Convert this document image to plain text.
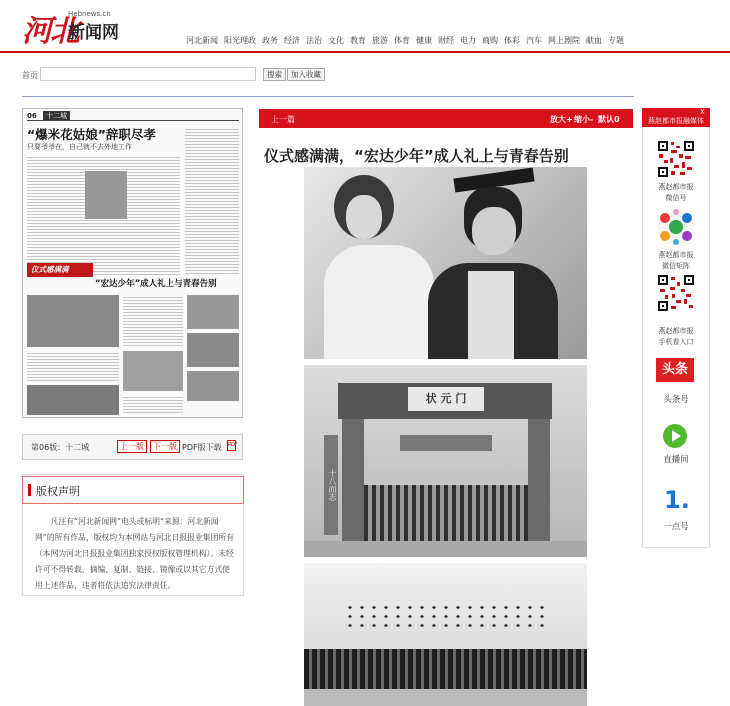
河北
Hebnews.cn
新闻网	河北新闻 阳光理政 政务 经济 法治 文化 教育 旅游 体育 健康 财经 电力 商购 体彩 汽车 网上剧院 献血 专题
首页	搜索	加入收藏
06	十二城
“爆米花姑娘”辞职尽孝
只要爷爷在，自己就不去外地工作
仪式感满满
“宏达少年”成人礼上与青春告别
第06版：十二城	上一版	下一版 PDF版下载 PDF
版权声明
凡注有“河北新闻网”电头或标明“来源：河北新闻网”的所有作品，版权均为本网站与河北日报报业集团所有（本网为河北日报报业集团独家授权版权管理机构）。未经许可不得转载、摘编、复制、链接、镜像或以其它方式使用上述作品，违者将依法追究法律责任。
上一篇	放大+ 缩小- 默认0
仪式感满满，“宏达少年”成人礼上与青春告别
状 元 门
十八而志
燕赵都市报融媒体
X
燕赵都市报
微信号
燕赵都市报
微信矩阵
燕赵都市报
手机看入口
头条
头条号
直播间
1.
一点号
